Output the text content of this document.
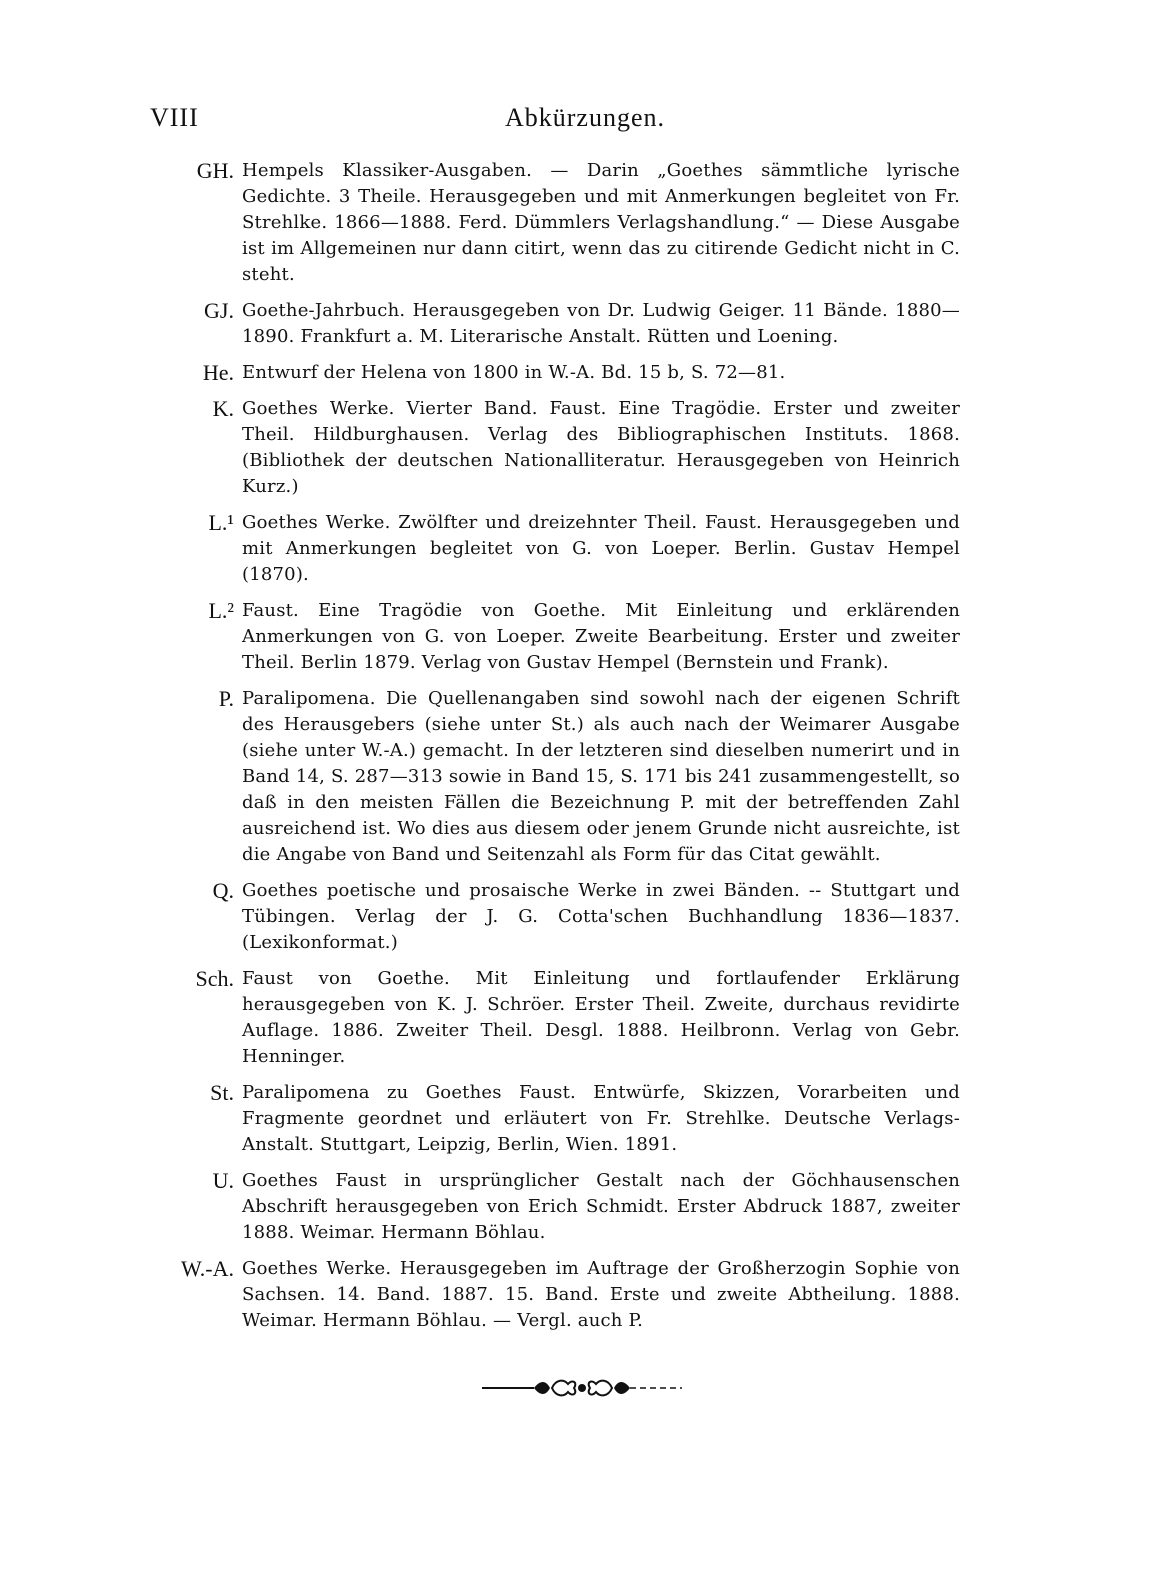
VIII	Abkürzungen.
GH. Hempels Klassiker-Ausgaben. — Darin „Goethes sämmtliche lyrische Gedichte. 3 Theile. Herausgegeben und mit Anmerkungen begleitet von Fr. Strehlke. 1866—1888. Ferd. Dümmlers Verlagshandlung.“ — Diese Ausgabe ist im Allgemeinen nur dann citirt, wenn das zu citirende Gedicht nicht in C. steht.
GJ. Goethe-Jahrbuch. Herausgegeben von Dr. Ludwig Geiger. 11 Bände. 1880—1890. Frankfurt a. M. Literarische Anstalt. Rütten und Loening.
He. Entwurf der Helena von 1800 in W.-A. Bd. 15 b, S. 72—81.
K. Goethes Werke. Vierter Band. Faust. Eine Tragödie. Erster und zweiter Theil. Hildburghausen. Verlag des Bibliographischen Instituts. 1868. (Bibliothek der deutschen Nationalliteratur. Herausgegeben von Heinrich Kurz.)
L.¹ Goethes Werke. Zwölfter und dreizehnter Theil. Faust. Herausgegeben und mit Anmerkungen begleitet von G. von Loeper. Berlin. Gustav Hempel (1870).
L.² Faust. Eine Tragödie von Goethe. Mit Einleitung und erklärenden Anmerkungen von G. von Loeper. Zweite Bearbeitung. Erster und zweiter Theil. Berlin 1879. Verlag von Gustav Hempel (Bernstein und Frank).
P. Paralipomena. Die Quellenangaben sind sowohl nach der eigenen Schrift des Herausgebers (siehe unter St.) als auch nach der Weimarer Ausgabe (siehe unter W.-A.) gemacht. In der letzteren sind dieselben numerirt und in Band 14, S. 287—313 sowie in Band 15, S. 171 bis 241 zusammengestellt, so daß in den meisten Fällen die Bezeichnung P. mit der betreffenden Zahl ausreichend ist. Wo dies aus diesem oder jenem Grunde nicht ausreichte, ist die Angabe von Band und Seitenzahl als Form für das Citat gewählt.
Q. Goethes poetische und prosaische Werke in zwei Bänden. -- Stuttgart und Tübingen. Verlag der J. G. Cotta'schen Buchhandlung 1836—1837. (Lexikonformat.)
Sch. Faust von Goethe. Mit Einleitung und fortlaufender Erklärung herausgegeben von K. J. Schröer. Erster Theil. Zweite, durchaus revidirte Auflage. 1886. Zweiter Theil. Desgl. 1888. Heilbronn. Verlag von Gebr. Henninger.
St. Paralipomena zu Goethes Faust. Entwürfe, Skizzen, Vorarbeiten und Fragmente geordnet und erläutert von Fr. Strehlke. Deutsche Verlags-Anstalt. Stuttgart, Leipzig, Berlin, Wien. 1891.
U. Goethes Faust in ursprünglicher Gestalt nach der Göchhausenschen Abschrift herausgegeben von Erich Schmidt. Erster Abdruck 1887, zweiter 1888. Weimar. Hermann Böhlau.
W.-A. Goethes Werke. Herausgegeben im Auftrage der Großherzogin Sophie von Sachsen. 14. Band. 1887. 15. Band. Erste und zweite Abtheilung. 1888. Weimar. Hermann Böhlau. — Vergl. auch P.
